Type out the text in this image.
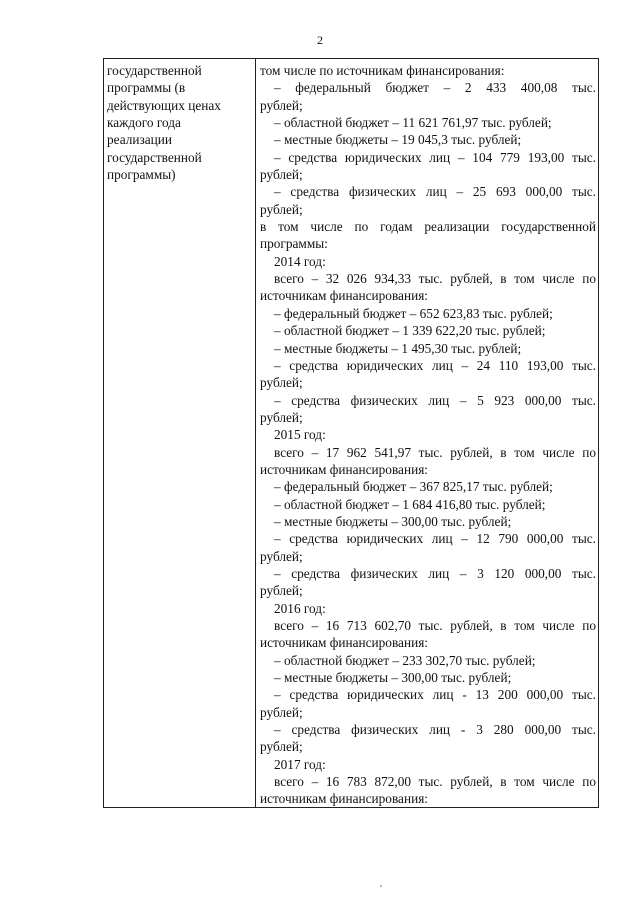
2
государственной
программы (в
действующих ценах
каждого года
реализации
государственной
программы)
том числе по источникам финансирования:
– федеральный бюджет – 2 433 400,08 тыс.
рублей;
– областной бюджет – 11 621 761,97 тыс. рублей;
– местные бюджеты – 19 045,3 тыс. рублей;
– средства юридических лиц – 104 779 193,00 тыс.
рублей;
– средства физических лиц – 25 693 000,00 тыс.
рублей;
в том числе по годам реализации государственной
программы:
2014 год:
всего – 32 026 934,33 тыс. рублей, в том числе по
источникам финансирования:
– федеральный бюджет – 652 623,83 тыс. рублей;
– областной бюджет – 1 339 622,20 тыс. рублей;
– местные бюджеты – 1 495,30 тыс. рублей;
– средства юридических лиц – 24 110 193,00 тыс.
рублей;
– средства физических лиц – 5 923 000,00 тыс.
рублей;
2015 год:
всего – 17 962 541,97 тыс. рублей, в том числе по
источникам финансирования:
– федеральный бюджет – 367 825,17 тыс. рублей;
– областной бюджет – 1 684 416,80 тыс. рублей;
– местные бюджеты – 300,00 тыс. рублей;
– средства юридических лиц – 12 790 000,00 тыс.
рублей;
– средства физических лиц – 3 120 000,00 тыс.
рублей;
2016 год:
всего – 16 713 602,70 тыс. рублей, в том числе по
источникам финансирования:
– областной бюджет – 233 302,70 тыс. рублей;
– местные бюджеты – 300,00 тыс. рублей;
– средства юридических лиц - 13 200 000,00 тыс.
рублей;
– средства физических лиц - 3 280 000,00 тыс.
рублей;
2017 год:
всего – 16 783 872,00 тыс. рублей, в том числе по
источникам финансирования:
